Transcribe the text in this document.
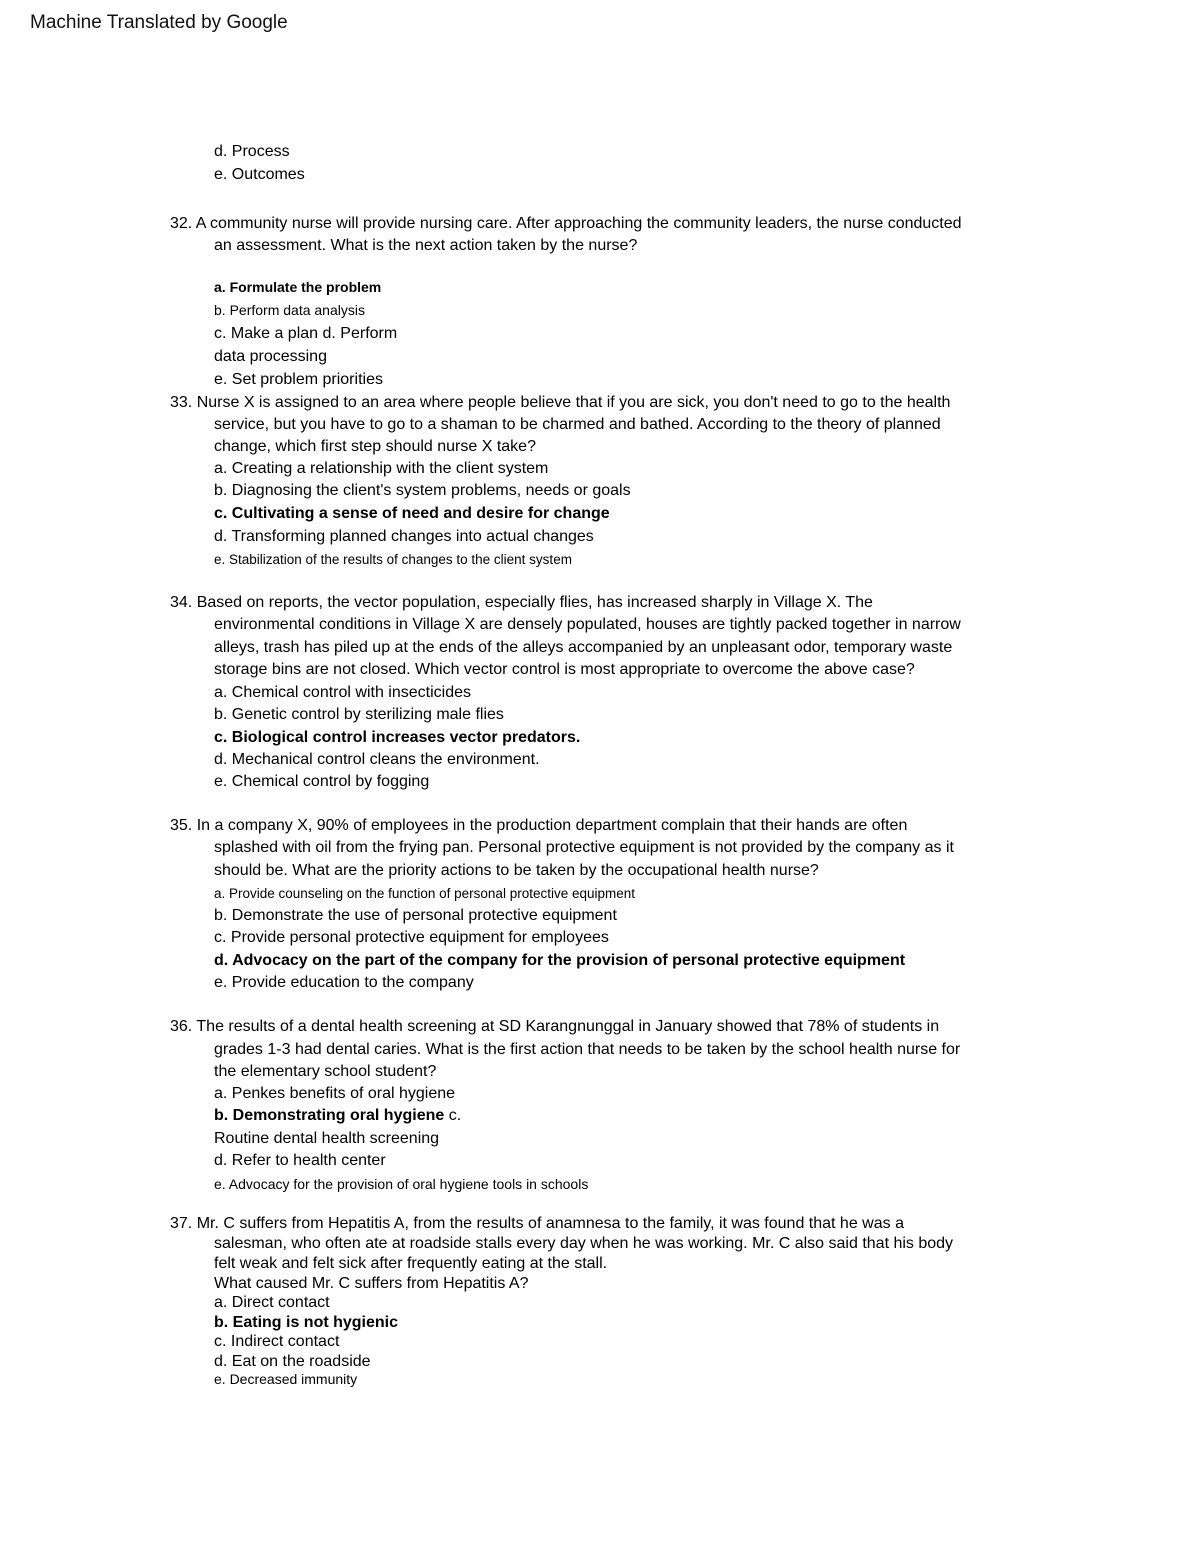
Machine Translated by Google
d. Process
e. Outcomes
32. A community nurse will provide nursing care. After approaching the community leaders, the nurse conducted
an assessment. What is the next action taken by the nurse?
a. Formulate the problem
b. Perform data analysis
c. Make a plan d. Perform
data processing
e. Set problem priorities
33. Nurse X is assigned to an area where people believe that if you are sick, you don't need to go to the health
service, but you have to go to a shaman to be charmed and bathed. According to the theory of planned
change, which first step should nurse X take?
a. Creating a relationship with the client system
b. Diagnosing the client's system problems, needs or goals
c. Cultivating a sense of need and desire for change
d. Transforming planned changes into actual changes
e. Stabilization of the results of changes to the client system
34. Based on reports, the vector population, especially flies, has increased sharply in Village X. The
environmental conditions in Village X are densely populated, houses are tightly packed together in narrow
alleys, trash has piled up at the ends of the alleys accompanied by an unpleasant odor, temporary waste
storage bins are not closed. Which vector control is most appropriate to overcome the above case?
a. Chemical control with insecticides
b. Genetic control by sterilizing male flies
c. Biological control increases vector predators.
d. Mechanical control cleans the environment.
e. Chemical control by fogging
35. In a company X, 90% of employees in the production department complain that their hands are often
splashed with oil from the frying pan. Personal protective equipment is not provided by the company as it
should be. What are the priority actions to be taken by the occupational health nurse?
a. Provide counseling on the function of personal protective equipment
b. Demonstrate the use of personal protective equipment
c. Provide personal protective equipment for employees
d. Advocacy on the part of the company for the provision of personal protective equipment
e. Provide education to the company
36. The results of a dental health screening at SD Karangnunggal in January showed that 78% of students in
grades 1-3 had dental caries. What is the first action that needs to be taken by the school health nurse for
the elementary school student?
a. Penkes benefits of oral hygiene
b. Demonstrating oral hygiene c.
Routine dental health screening
d. Refer to health center
e. Advocacy for the provision of oral hygiene tools in schools
37. Mr. C suffers from Hepatitis A, from the results of anamnesa to the family, it was found that he was a
salesman, who often ate at roadside stalls every day when he was working. Mr. C also said that his body
felt weak and felt sick after frequently eating at the stall.
What caused Mr. C suffers from Hepatitis A?
a. Direct contact
b. Eating is not hygienic
c. Indirect contact
d. Eat on the roadside
e. Decreased immunity
